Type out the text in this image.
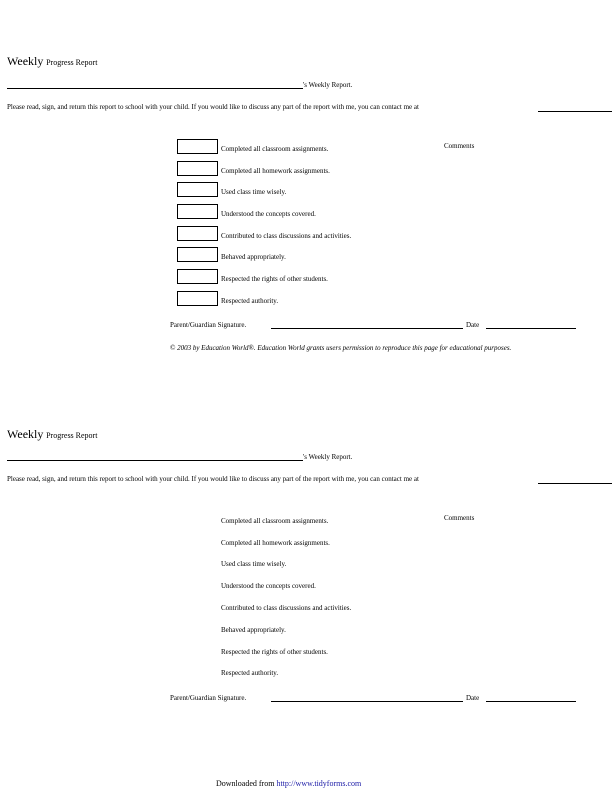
Weekly Progress Report
's Weekly Report.
Please read, sign, and return this report to school with your child. If you would like to discuss any part of the report with me, you can contact me at
Comments
Completed all classroom assignments.
Completed all homework assignments.
Used class time wisely.
Understood the concepts covered.
Contributed to class discussions and activities.
Behaved appropriately.
Respected the rights of other students.
Respected authority.
Parent/Guardian Signature.	Date
© 2003 by Education World®. Education World grants users permission to reproduce this page for educational purposes.
Weekly Progress Report
's Weekly Report.
Please read, sign, and return this report to school with your child. If you would like to discuss any part of the report with me, you can contact me at
Comments
Completed all classroom assignments.
Completed all homework assignments.
Used class time wisely.
Understood the concepts covered.
Contributed to class discussions and activities.
Behaved appropriately.
Respected the rights of other students.
Respected authority.
Parent/Guardian Signature.	Date
Downloaded from http://www.tidyforms.com
